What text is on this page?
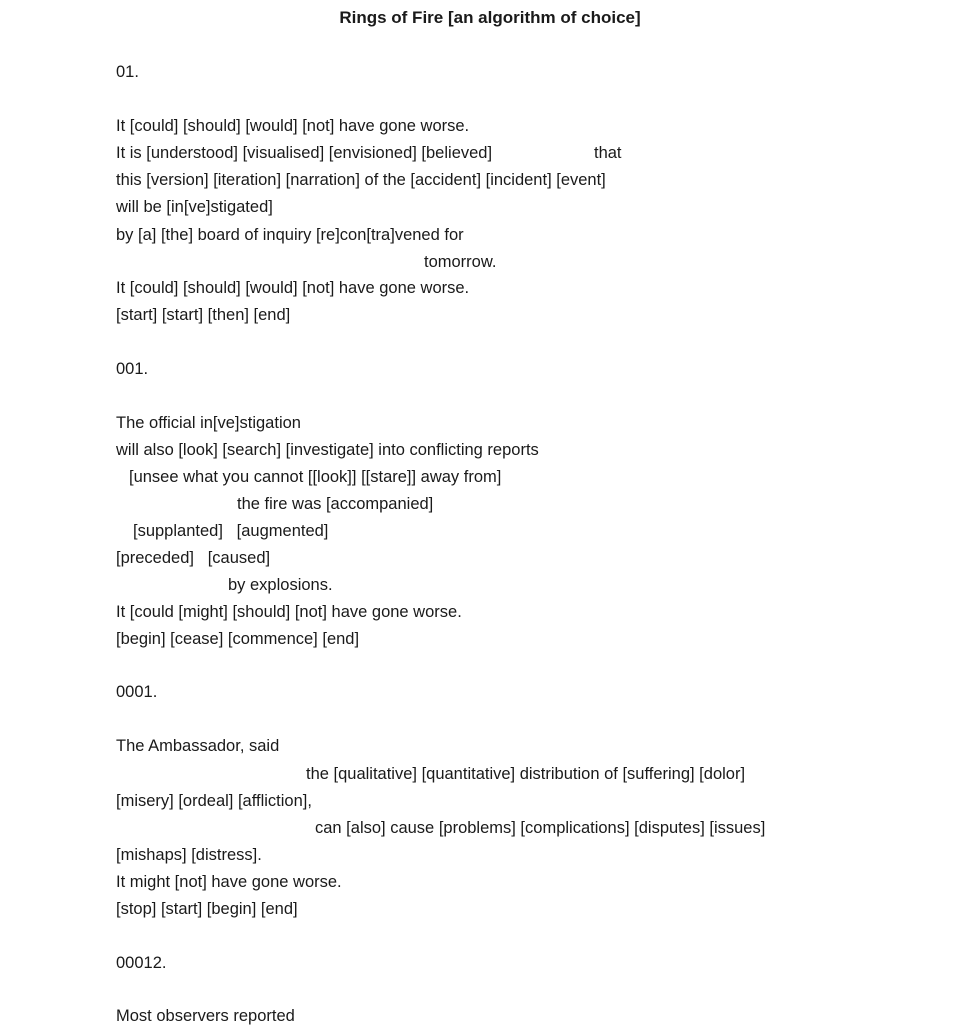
Rings of Fire [an algorithm of choice]
01.
It [could] [should] [would] [not] have gone worse.
It is [understood] [visualised] [envisioned] [believed]	that
this [version] [iteration] [narration] of the [accident] [incident] [event]
will be [in[ve]stigated]
by [a] [the] board of inquiry [re]con[tra]vened for
tomorrow.
It [could] [should] [would] [not] have gone worse.
[start] [start] [then] [end]
001.
The official in[ve]stigation
will also [look] [search] [investigate] into conflicting reports
[unsee what you cannot [[look]] [[stare]] away from]
the fire was [accompanied]
[supplanted]   [augmented]
[preceded]   [caused]
by explosions.
It [could [might] [should] [not] have gone worse.
[begin] [cease] [commence] [end]
0001.
The Ambassador, said
the [qualitative] [quantitative] distribution of [suffering] [dolor]
[misery] [ordeal] [affliction],
can [also] cause [problems] [complications] [disputes] [issues]
[mishaps] [distress].
It might [not] have gone worse.
[stop] [start] [begin] [end]
00012.
Most observers reported
